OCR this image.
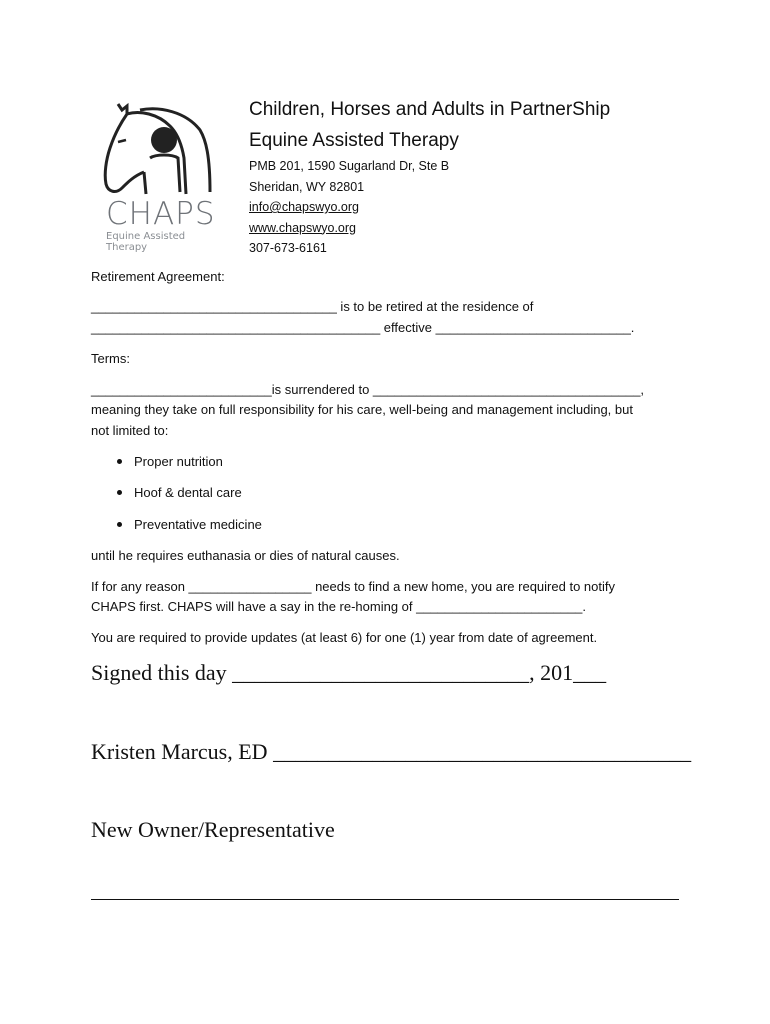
CHAPS
Equine Assisted Therapy
Children, Horses and Adults in PartnerShip
Equine Assisted Therapy
PMB 201, 1590 Sugarland Dr, Ste B
Sheridan, WY 82801
info@chapswyo.org
www.chapswyo.org
307-673-6161
Retirement Agreement:
__________________________________ is to be retired at the residence of
________________________________________ effective ___________________________.
Terms:
_________________________is surrendered to _____________________________________,
meaning they take on full responsibility for his care, well-being and management including, but
not limited to:
Proper nutrition
Hoof & dental care
Preventative medicine
until he requires euthanasia or dies of natural causes.
If for any reason _________________ needs to find a new home, you are required to notify
CHAPS first. CHAPS will have a say in the re-homing of _______________________.
You are required to provide updates (at least 6) for one (1) year from date of agreement.
Signed this day ___________________________, 201___
Kristen Marcus, ED ______________________________________
New Owner/Representative
